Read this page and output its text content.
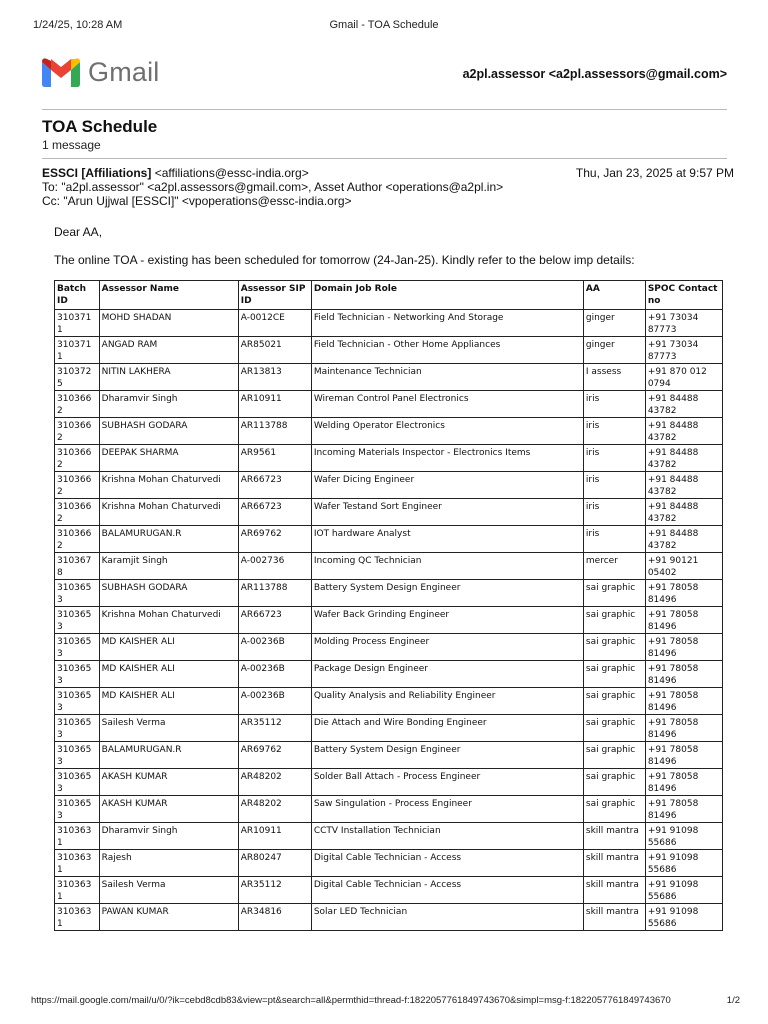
1/24/25, 10:28 AM	Gmail - TOA Schedule
Gmail	a2pl.assessor <a2pl.assessors@gmail.com>
TOA Schedule
1 message
ESSCI [Affiliations] <affiliations@essc-india.org>	Thu, Jan 23, 2025 at 9:57 PM
To: "a2pl.assessor" <a2pl.assessors@gmail.com>, Asset Author <operations@a2pl.in>
Cc: "Arun Ujjwal [ESSCI]" <vpoperations@essc-india.org>
Dear AA,
The online TOA - existing has been scheduled for tomorrow (24-Jan-25). Kindly refer to the below imp details:
Batch ID	Assessor Name	Assessor SIP ID	Domain Job Role	AA	SPOC Contact no
3103711	MOHD SHADAN	A-0012CE	Field Technician - Networking And Storage	ginger	+91 73034 87773
3103711	ANGAD RAM	AR85021	Field Technician - Other Home Appliances	ginger	+91 73034 87773
3103725	NITIN LAKHERA	AR13813	Maintenance Technician	I assess	+91 870 012 0794
3103662	Dharamvir Singh	AR10911	Wireman Control Panel Electronics	iris	+91 84488 43782
3103662	SUBHASH GODARA	AR113788	Welding Operator Electronics	iris	+91 84488 43782
3103662	DEEPAK SHARMA	AR9561	Incoming Materials Inspector - Electronics Items	iris	+91 84488 43782
3103662	Krishna Mohan Chaturvedi	AR66723	Wafer Dicing Engineer	iris	+91 84488 43782
3103662	Krishna Mohan Chaturvedi	AR66723	Wafer Testand Sort Engineer	iris	+91 84488 43782
3103662	BALAMURUGAN.R	AR69762	IOT hardware Analyst	iris	+91 84488 43782
3103678	Karamjit Singh	A-002736	Incoming QC Technician	mercer	+91 90121 05402
3103653	SUBHASH GODARA	AR113788	Battery System Design Engineer	sai graphic	+91 78058 81496
3103653	Krishna Mohan Chaturvedi	AR66723	Wafer Back Grinding Engineer	sai graphic	+91 78058 81496
3103653	MD KAISHER ALI	A-00236B	Molding Process Engineer	sai graphic	+91 78058 81496
3103653	MD KAISHER ALI	A-00236B	Package Design Engineer	sai graphic	+91 78058 81496
3103653	MD KAISHER ALI	A-00236B	Quality Analysis and Reliability Engineer	sai graphic	+91 78058 81496
3103653	Sailesh Verma	AR35112	Die Attach and Wire Bonding Engineer	sai graphic	+91 78058 81496
3103653	BALAMURUGAN.R	AR69762	Battery System Design Engineer	sai graphic	+91 78058 81496
3103653	AKASH KUMAR	AR48202	Solder Ball Attach - Process Engineer	sai graphic	+91 78058 81496
3103653	AKASH KUMAR	AR48202	Saw Singulation - Process Engineer	sai graphic	+91 78058 81496
3103631	Dharamvir Singh	AR10911	CCTV Installation Technician	skill mantra	+91 91098 55686
3103631	Rajesh	AR80247	Digital Cable Technician - Access	skill mantra	+91 91098 55686
3103631	Sailesh Verma	AR35112	Digital Cable Technician - Access	skill mantra	+91 91098 55686
3103631	PAWAN KUMAR	AR34816	Solar LED Technician	skill mantra	+91 91098 55686
https://mail.google.com/mail/u/0/?ik=cebd8cdb83&view=pt&search=all&permthid=thread-f:1822057761849743670&simpl=msg-f:1822057761849743670	1/2
